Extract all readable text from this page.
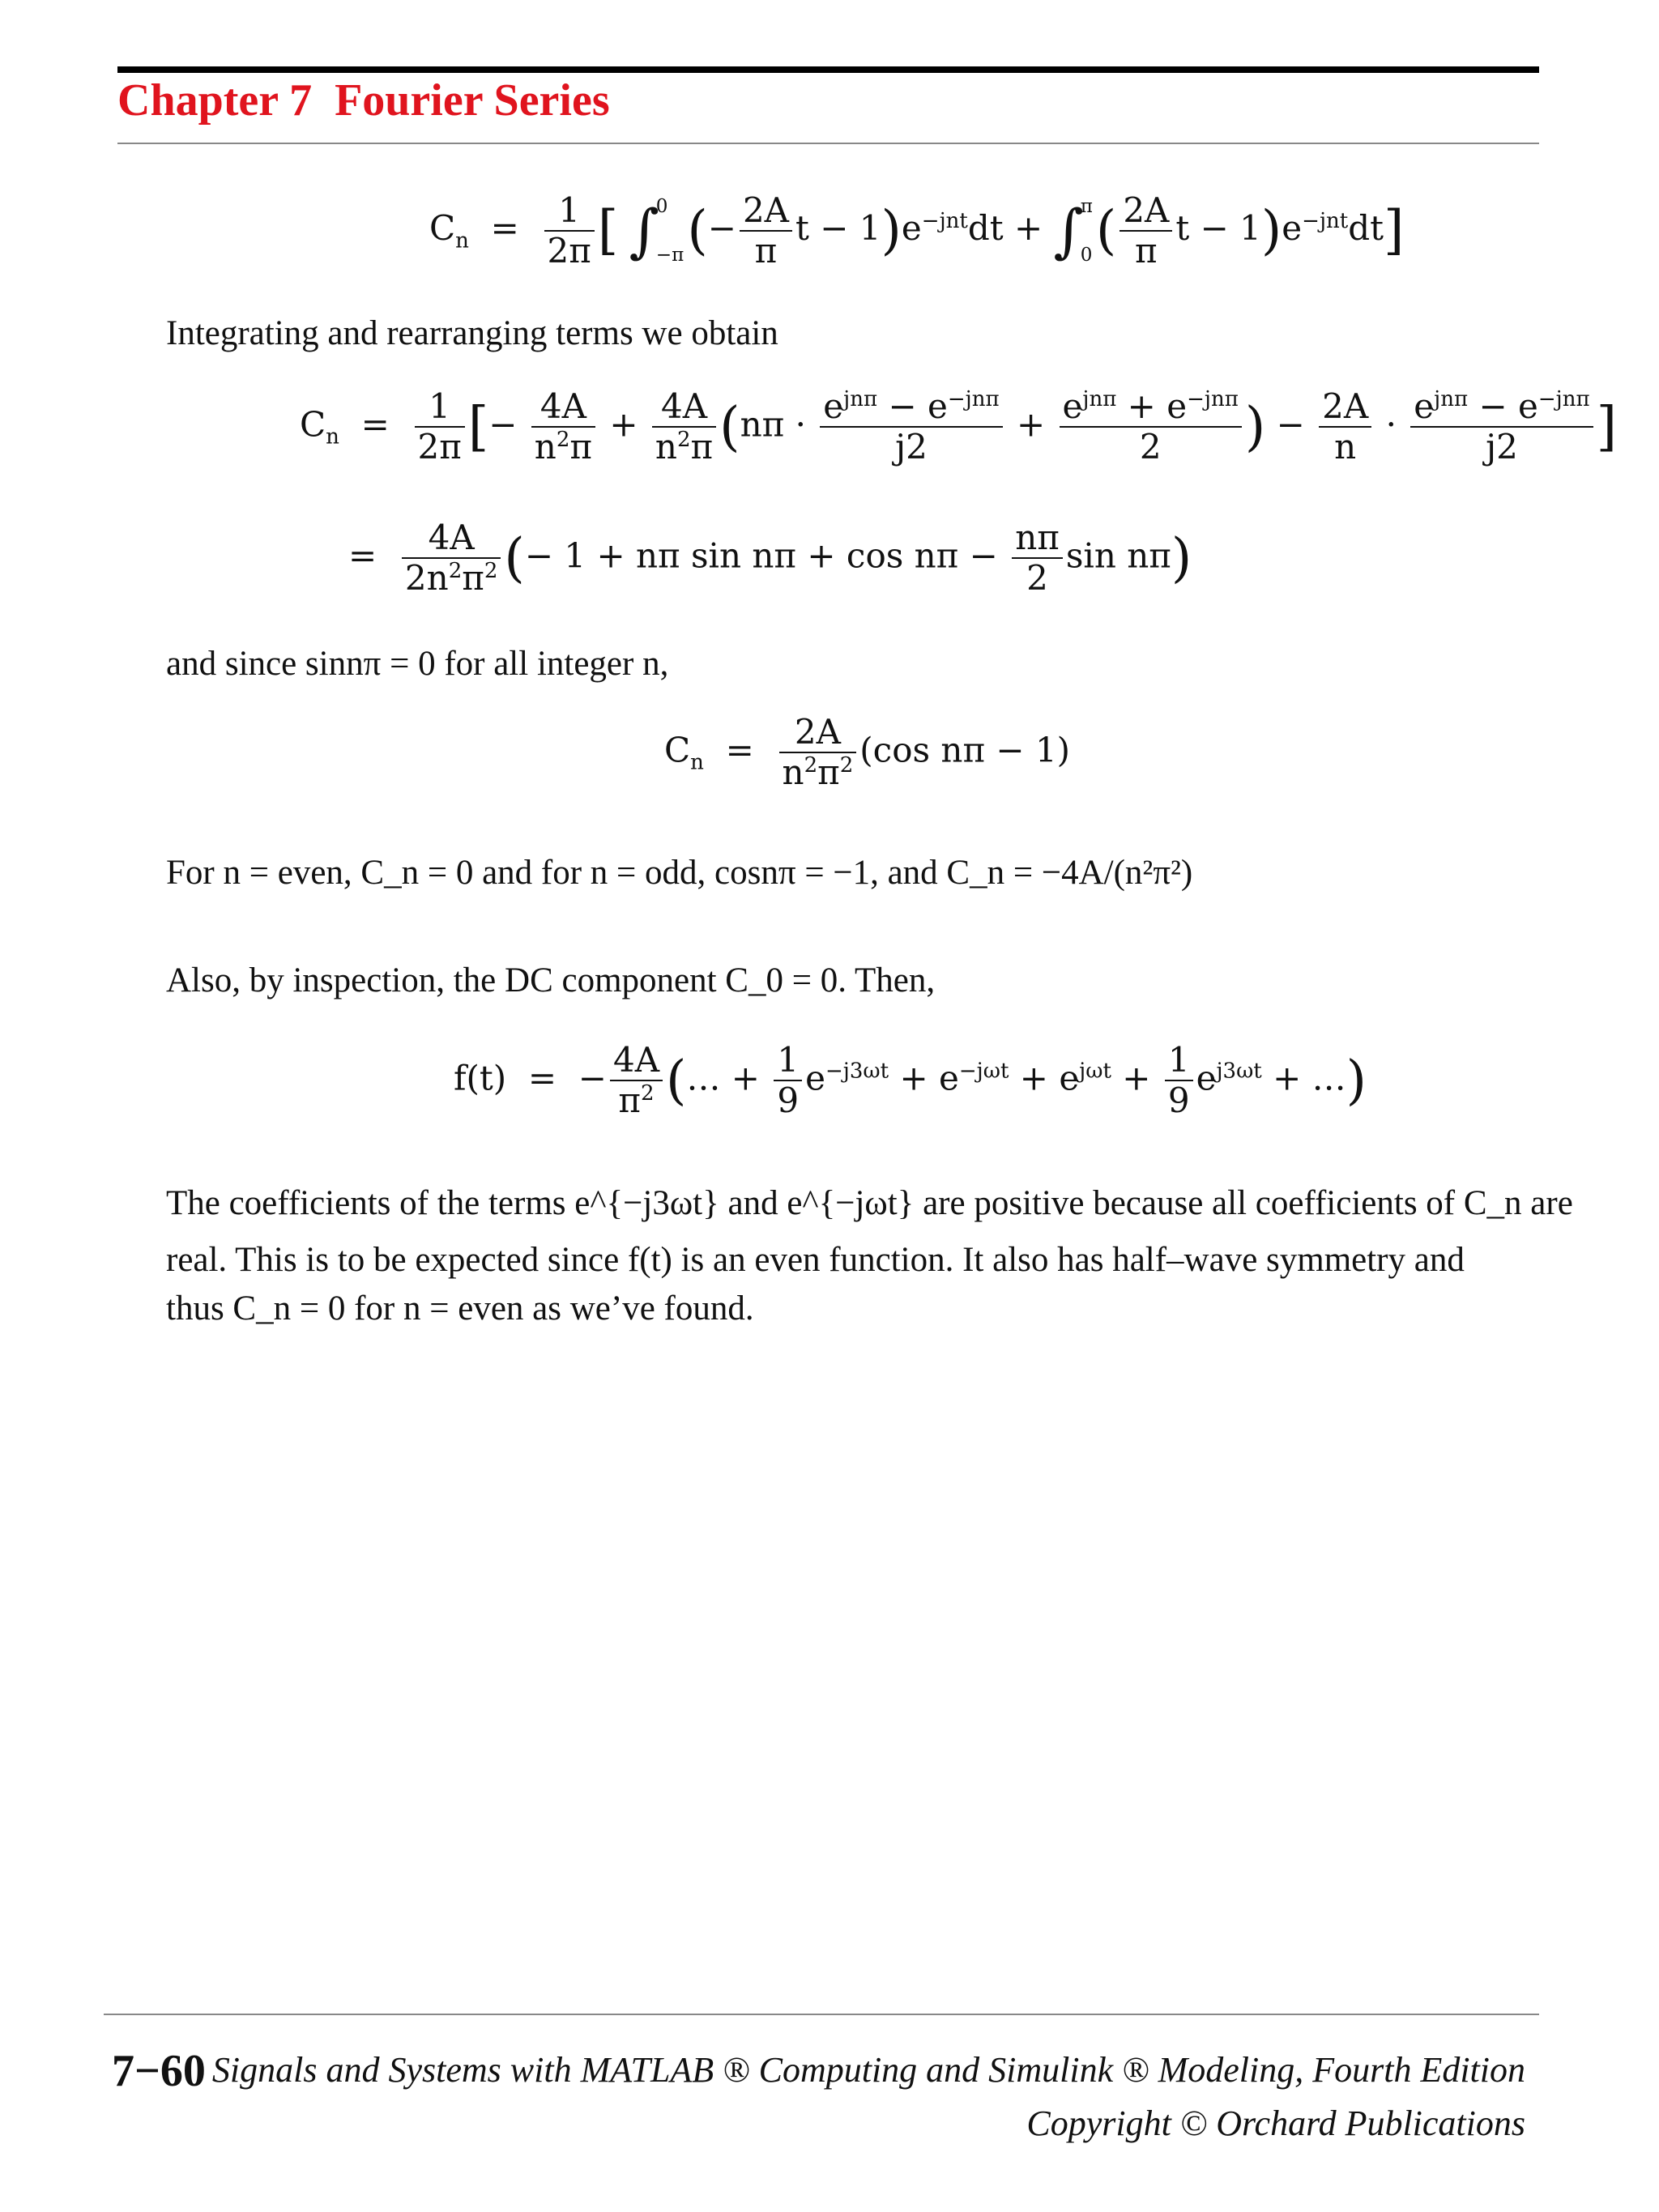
Chapter 7 Fourier Series
$C_n = \frac{1}{2\pi}$ [ ∫
0
−π (− $\frac{2A}{\pi}$ $t - 1)e^{-jnt}dt$ + ∫
π
0 ( $\frac{2A}{\pi}$ $t - 1)e^{-jnt}dt$]
Integrating and rearranging terms we obtain
$C_n = \frac{1}{2\pi}$ [− $\frac{4A}{n^2\pi} + \frac{4A}{n^2\pi} (n\pi \cdot \frac{e^{jn\pi} - e^{-jn\pi}}{j2} + \frac{e^{jn\pi} + e^{-jn\pi}}{2}$ ) − $\frac{2A}{n} \cdot \frac{e^{jn\pi} - e^{-jn\pi}}{j2}$ ]
= $\frac{4A}{2n^2\pi^2}$ (− 1 + nπ $\sin n\pi + \cos n\pi - \frac{n\pi}{2}$ sin nπ)
and since sinnπ = 0 for all integer n,
$C_n = \frac{2A}{n^2\pi^2} (\cos$ nπ − 1)
For n = even, C_n = 0 and for n = odd, cosnπ = −1, and C_n = −4A/(n²π²)
Also, by inspection, the DC component C_0 = 0. Then,
f(t)  =  − $\frac{4A}{\pi^2}$ (… + $\frac{1}{9} e^{-j3\omega t} + e^{-j\omega t} + e^{j\omega t} + \frac{1}{9} e^{j3\omega t}$ + …)
The coefficients of the terms e^{−j3ωt} and e^{−jωt} are positive because all coefficients of C_n are
real. This is to be expected since f(t) is an even function. It also has half–wave symmetry and
thus C_n = 0 for n = even as we’ve found.
7−60 Signals and Systems with MATLAB ® Computing and Simulink ® Modeling, Fourth Edition
Copyright © Orchard Publications
